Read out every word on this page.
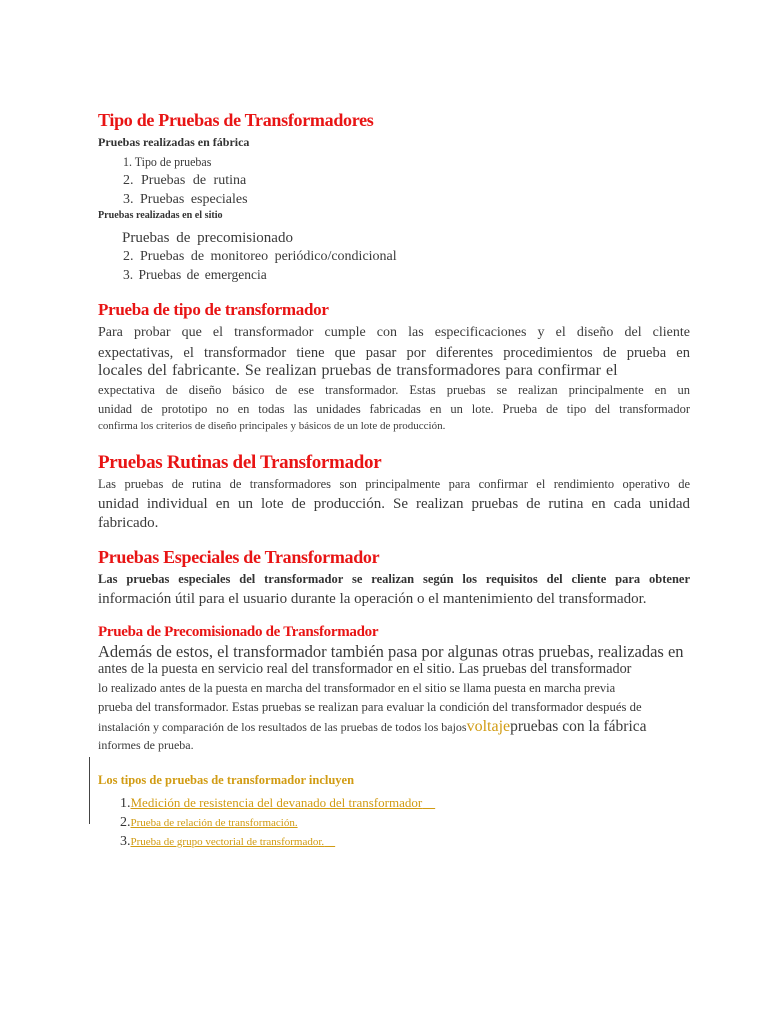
Tipo de Pruebas de Transformadores
Pruebas realizadas en fábrica
1. Tipo de pruebas
2. Pruebas de rutina
3. Pruebas especiales
Pruebas realizadas en el sitio
Pruebas de precomisionado
2. Pruebas de monitoreo periódico/condicional
3. Pruebas de emergencia
Prueba de tipo de transformador
Para probar que el transformador cumple con las especificaciones y el diseño del cliente
expectativas, el transformador tiene que pasar por diferentes procedimientos de prueba en
locales del fabricante. Se realizan pruebas de transformadores para confirmar el
expectativa de diseño básico de ese transformador. Estas pruebas se realizan principalmente en un
unidad de prototipo no en todas las unidades fabricadas en un lote. Prueba de tipo del transformador
confirma los criterios de diseño principales y básicos de un lote de producción.
Pruebas Rutinas del Transformador
Las pruebas de rutina de transformadores son principalmente para confirmar el rendimiento operativo de
unidad individual en un lote de producción. Se realizan pruebas de rutina en cada unidad
fabricado.
Pruebas Especiales de Transformador
Las pruebas especiales del transformador se realizan según los requisitos del cliente para obtener
información útil para el usuario durante la operación o el mantenimiento del transformador.
Prueba de Precomisionado de Transformador
Además de estos, el transformador también pasa por algunas otras pruebas, realizadas en
antes de la puesta en servicio real del transformador en el sitio. Las pruebas del transformador
lo realizado antes de la puesta en marcha del transformador en el sitio se llama puesta en marcha previa
prueba del transformador. Estas pruebas se realizan para evaluar la condición del transformador después de
instalación y comparación de los resultados de las pruebas de todos los bajosvoltajepruebas con la fábrica
informes de prueba.
Los tipos de pruebas de transformador incluyen
1.Medición de resistencia del devanado del transformador
2.Prueba de relación de transformación.
3.Prueba de grupo vectorial de transformador.
